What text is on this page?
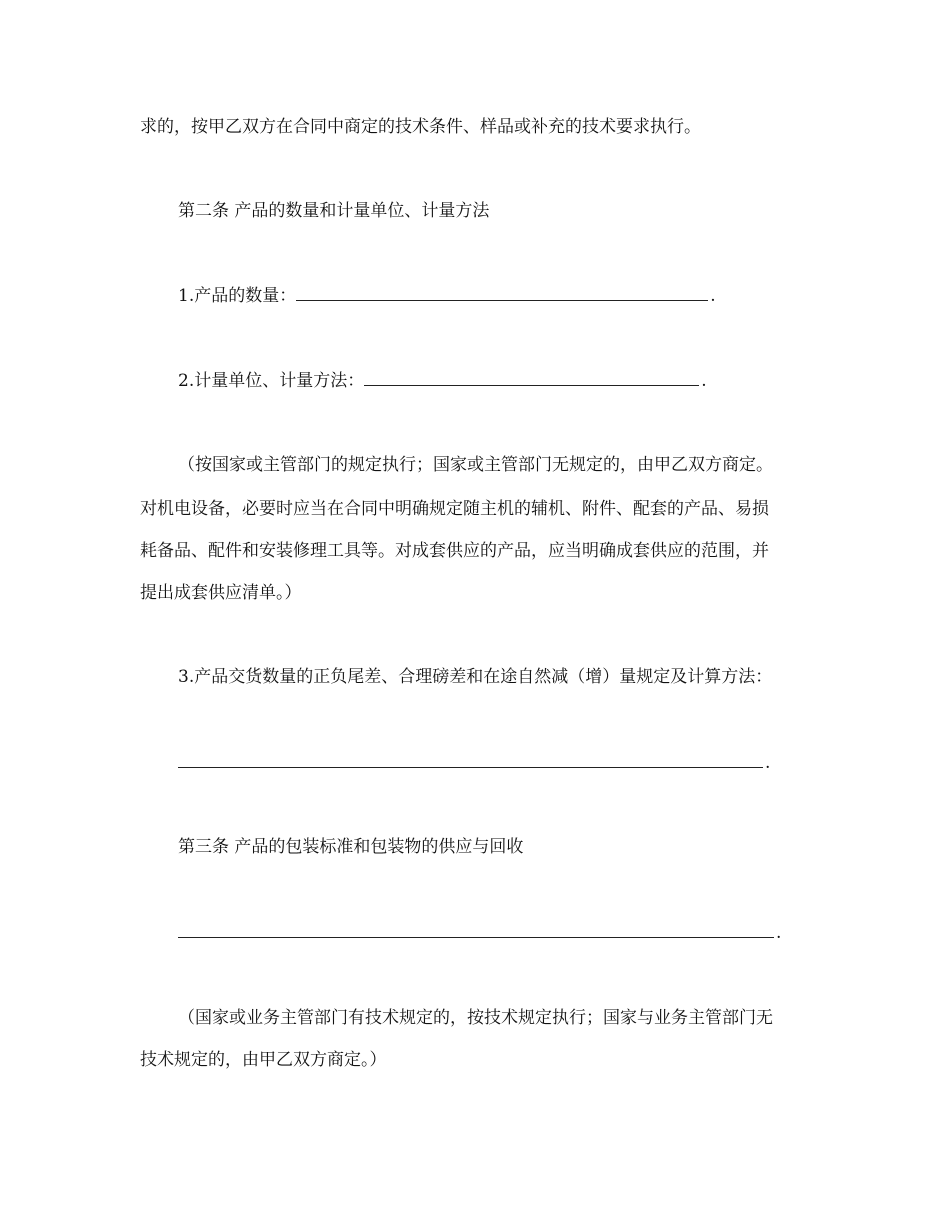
求的，按甲乙双方在合同中商定的技术条件、样品或补充的技术要求执行。
第二条 产品的数量和计量单位、计量方法
1.产品的数量：	.
2.计量单位、计量方法：	.
（按国家或主管部门的规定执行；国家或主管部门无规定的，由甲乙双方商定。
对机电设备，必要时应当在合同中明确规定随主机的辅机、附件、配套的产品、易损
耗备品、配件和安装修理工具等。对成套供应的产品，应当明确成套供应的范围，并
提出成套供应清单。）
3.产品交货数量的正负尾差、合理磅差和在途自然减（增）量规定及计算方法：
.
第三条 产品的包装标准和包装物的供应与回收
.
（国家或业务主管部门有技术规定的，按技术规定执行；国家与业务主管部门无
技术规定的，由甲乙双方商定。）
